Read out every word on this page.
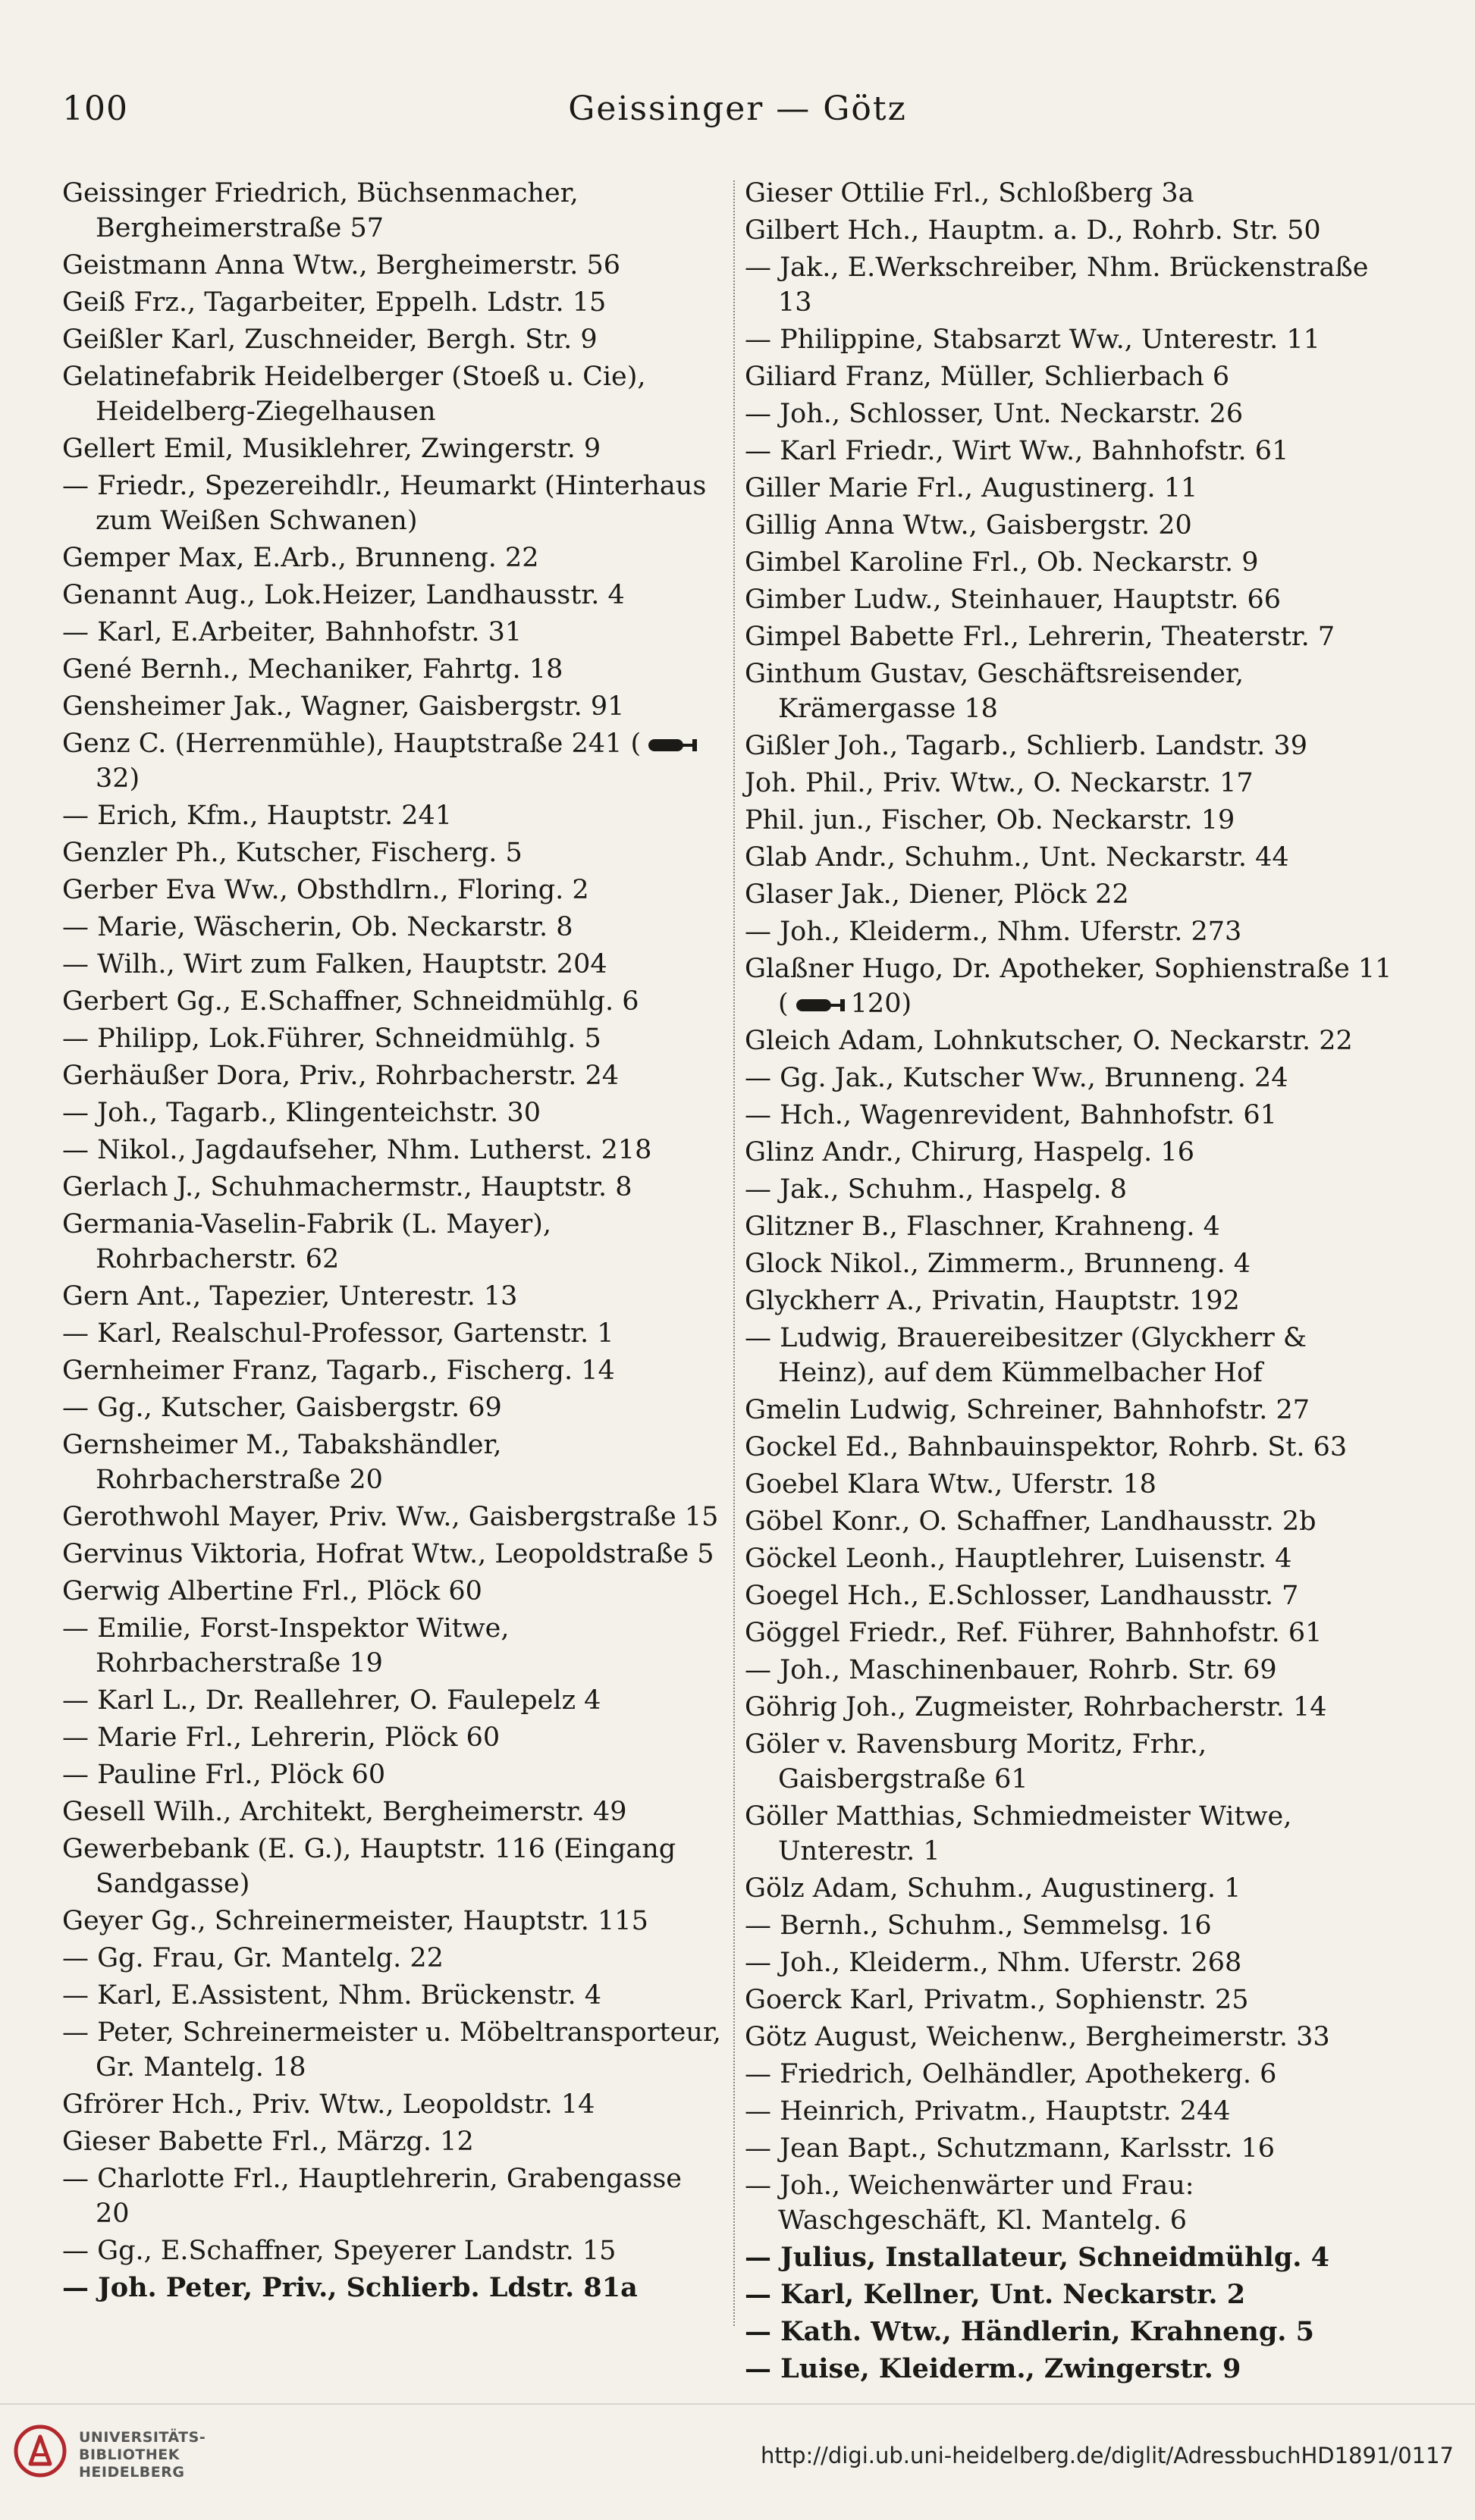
100	Geissinger — Götz
Geissinger Friedrich, Büchsenmacher, Bergheimerstraße 57
Geistmann Anna Wtw., Bergheimerstr. 56
Geiß Frz., Tagarbeiter, Eppelh. Ldstr. 15
Geißler Karl, Zuschneider, Bergh. Str. 9
Gelatinefabrik Heidelberger (Stoeß u. Cie), Heidelberg-Ziegelhausen
Gellert Emil, Musiklehrer, Zwingerstr. 9
— Friedr., Spezereihdlr., Heumarkt (Hinterhaus zum Weißen Schwanen)
Gemper Max, E.Arb., Brunneng. 22
Genannt Aug., Lok.Heizer, Landhausstr. 4
— Karl, E.Arbeiter, Bahnhofstr. 31
Gené Bernh., Mechaniker, Fahrtg. 18
Gensheimer Jak., Wagner, Gaisbergstr. 91
Genz C. (Herrenmühle), Hauptstraße 241 (32)
— Erich, Kfm., Hauptstr. 241
Genzler Ph., Kutscher, Fischerg. 5
Gerber Eva Ww., Obsthdlrn., Floring. 2
— Marie, Wäscherin, Ob. Neckarstr. 8
— Wilh., Wirt zum Falken, Hauptstr. 204
Gerbert Gg., E.Schaffner, Schneidmühlg. 6
— Philipp, Lok.Führer, Schneidmühlg. 5
Gerhäußer Dora, Priv., Rohrbacherstr. 24
— Joh., Tagarb., Klingenteichstr. 30
— Nikol., Jagdaufseher, Nhm. Lutherst. 218
Gerlach J., Schuhmachermstr., Hauptstr. 8
Germania-Vaselin-Fabrik (L. Mayer), Rohrbacherstr. 62
Gern Ant., Tapezier, Unterestr. 13
— Karl, Realschul-Professor, Gartenstr. 1
Gernheimer Franz, Tagarb., Fischerg. 14
— Gg., Kutscher, Gaisbergstr. 69
Gernsheimer M., Tabakshändler, Rohrbacherstraße 20
Gerothwohl Mayer, Priv. Ww., Gaisbergstraße 15
Gervinus Viktoria, Hofrat Wtw., Leopoldstraße 5
Gerwig Albertine Frl., Plöck 60
— Emilie, Forst-Inspektor Witwe, Rohrbacherstraße 19
— Karl L., Dr. Reallehrer, O. Faulepelz 4
— Marie Frl., Lehrerin, Plöck 60
— Pauline Frl., Plöck 60
Gesell Wilh., Architekt, Bergheimerstr. 49
Gewerbebank (E. G.), Hauptstr. 116 (Eingang Sandgasse)
Geyer Gg., Schreinermeister, Hauptstr. 115
— Gg. Frau, Gr. Mantelg. 22
— Karl, E.Assistent, Nhm. Brückenstr. 4
— Peter, Schreinermeister u. Möbeltransporteur, Gr. Mantelg. 18
Gfrörer Hch., Priv. Wtw., Leopoldstr. 14
Gieser Babette Frl., Märzg. 12
— Charlotte Frl., Hauptlehrerin, Grabengasse 20
— Gg., E.Schaffner, Speyerer Landstr. 15
— Joh. Peter, Priv., Schlierb. Ldstr. 81a
Gieser Ottilie Frl., Schloßberg 3a
Gilbert Hch., Hauptm. a. D., Rohrb. Str. 50
— Jak., E.Werkschreiber, Nhm. Brückenstraße 13
— Philippine, Stabsarzt Ww., Unterestr. 11
Giliard Franz, Müller, Schlierbach 6
— Joh., Schlosser, Unt. Neckarstr. 26
— Karl Friedr., Wirt Ww., Bahnhofstr. 61
Giller Marie Frl., Augustinerg. 11
Gillig Anna Wtw., Gaisbergstr. 20
Gimbel Karoline Frl., Ob. Neckarstr. 9
Gimber Ludw., Steinhauer, Hauptstr. 66
Gimpel Babette Frl., Lehrerin, Theaterstr. 7
Ginthum Gustav, Geschäftsreisender, Krämergasse 18
Gißler Joh., Tagarb., Schlierb. Landstr. 39
Joh. Phil., Priv. Wtw., O. Neckarstr. 17
Phil. jun., Fischer, Ob. Neckarstr. 19
Glab Andr., Schuhm., Unt. Neckarstr. 44
Glaser Jak., Diener, Plöck 22
— Joh., Kleiderm., Nhm. Uferstr. 273
Glaßner Hugo, Dr. Apotheker, Sophienstraße 11 ( 120)
Gleich Adam, Lohnkutscher, O. Neckarstr. 22
— Gg. Jak., Kutscher Ww., Brunneng. 24
— Hch., Wagenrevident, Bahnhofstr. 61
Glinz Andr., Chirurg, Haspelg. 16
— Jak., Schuhm., Haspelg. 8
Glitzner B., Flaschner, Krahneng. 4
Glock Nikol., Zimmerm., Brunneng. 4
Glyckherr A., Privatin, Hauptstr. 192
— Ludwig, Brauereibesitzer (Glyckherr & Heinz), auf dem Kümmelbacher Hof
Gmelin Ludwig, Schreiner, Bahnhofstr. 27
Gockel Ed., Bahnbauinspektor, Rohrb. St. 63
Goebel Klara Wtw., Uferstr. 18
Göbel Konr., O. Schaffner, Landhausstr. 2b
Göckel Leonh., Hauptlehrer, Luisenstr. 4
Goegel Hch., E.Schlosser, Landhausstr. 7
Göggel Friedr., Ref. Führer, Bahnhofstr. 61
— Joh., Maschinenbauer, Rohrb. Str. 69
Göhrig Joh., Zugmeister, Rohrbacherstr. 14
Göler v. Ravensburg Moritz, Frhr., Gaisbergstraße 61
Göller Matthias, Schmiedmeister Witwe, Unterestr. 1
Gölz Adam, Schuhm., Augustinerg. 1
— Bernh., Schuhm., Semmelsg. 16
— Joh., Kleiderm., Nhm. Uferstr. 268
Goerck Karl, Privatm., Sophienstr. 25
Götz August, Weichenw., Bergheimerstr. 33
— Friedrich, Oelhändler, Apothekerg. 6
— Heinrich, Privatm., Hauptstr. 244
— Jean Bapt., Schutzmann, Karlsstr. 16
— Joh., Weichenwärter und Frau: Waschgeschäft, Kl. Mantelg. 6
— Julius, Installateur, Schneidmühlg. 4
— Karl, Kellner, Unt. Neckarstr. 2
— Kath. Wtw., Händlerin, Krahneng. 5
— Luise, Kleiderm., Zwingerstr. 9
UNIVERSITÄTS-
BIBLIOTHEK
HEIDELBERG
http://digi.ub.uni-heidelberg.de/diglit/AdressbuchHD1891/0117
